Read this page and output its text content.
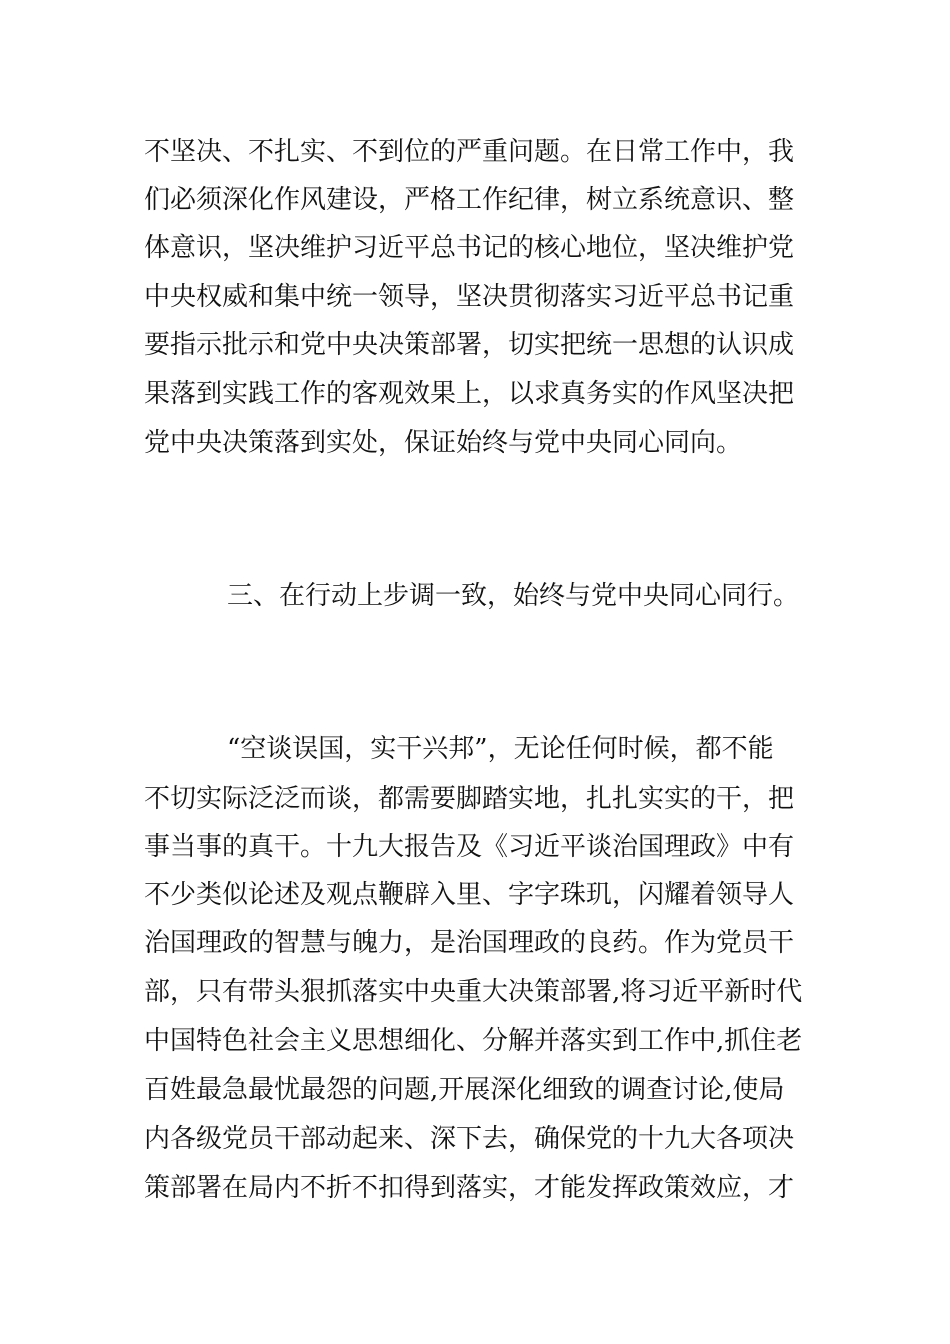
不坚决、不扎实、不到位的严重问题。在日常工作中，我
们必须深化作风建设，严格工作纪律，树立系统意识、整
体意识，坚决维护习近平总书记的核心地位，坚决维护党
中央权威和集中统一领导，坚决贯彻落实习近平总书记重
要指示批示和党中央决策部署，切实把统一思想的认识成
果落到实践工作的客观效果上，以求真务实的作风坚决把
党中央决策落到实处，保证始终与党中央同心同向。
三、在行动上步调一致，始终与党中央同心同行。
“空谈误国，实干兴邦”，无论任何时候，都不能
不切实际泛泛而谈，都需要脚踏实地，扎扎实实的干，把
事当事的真干。十九大报告及《习近平谈治国理政》中有
不少类似论述及观点鞭辟入里、字字珠玑，闪耀着领导人
治国理政的智慧与魄力，是治国理政的良药。作为党员干
部，只有带头狠抓落实中央重大决策部署,将习近平新时代
中国特色社会主义思想细化、分解并落实到工作中,抓住老
百姓最急最忧最怨的问题,开展深化细致的调查讨论,使局
内各级党员干部动起来、深下去，确保党的十九大各项决
策部署在局内不折不扣得到落实，才能发挥政策效应，才
